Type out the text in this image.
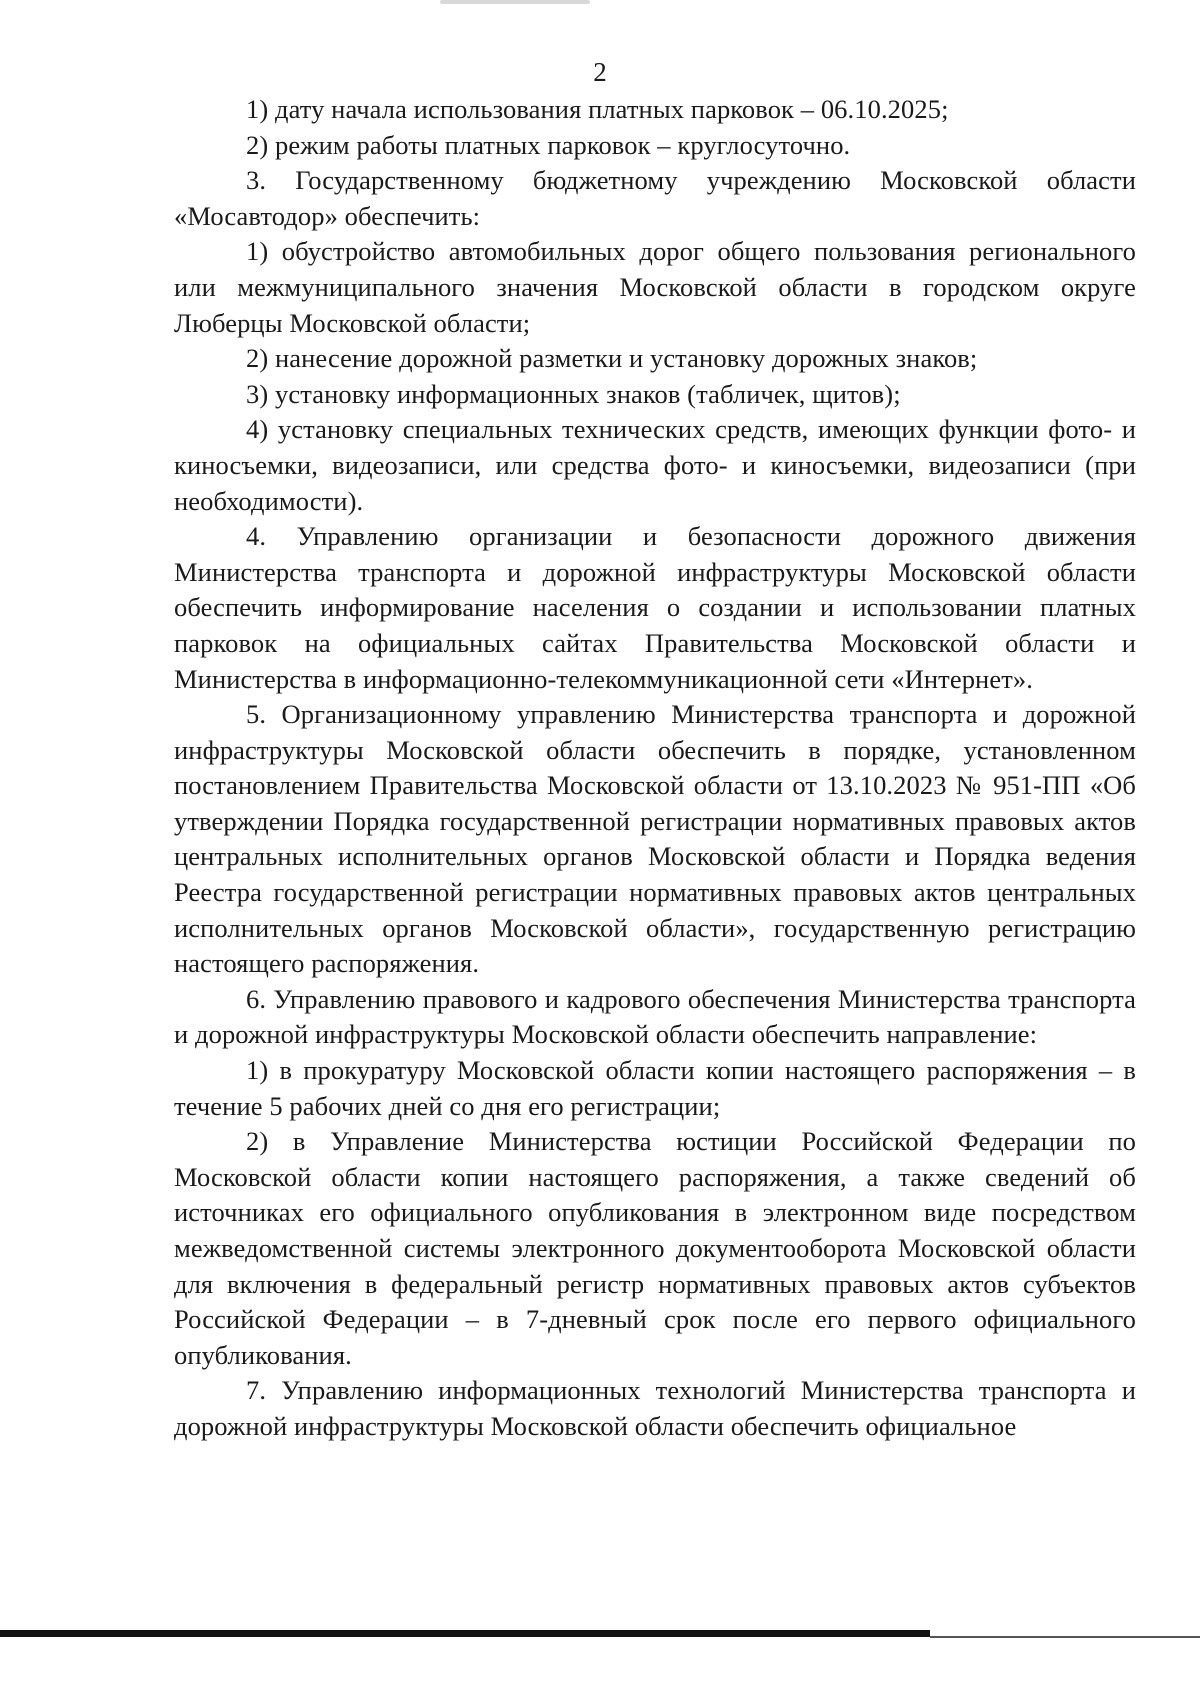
2

1) дату начала использования платных парковок – 06.10.2025;

2) режим работы платных парковок – круглосуточно.

3. Государственному бюджетному учреждению Московской области «Мосавтодор» обеспечить:

1) обустройство автомобильных дорог общего пользования регионального или межмуниципального значения Московской области в городском округе Люберцы Московской области;

2) нанесение дорожной разметки и установку дорожных знаков;

3) установку информационных знаков (табличек, щитов);

4) установку специальных технических средств, имеющих функции фото- и киносъемки, видеозаписи, или средства фото- и киносъемки, видеозаписи (при необходимости).

4. Управлению организации и безопасности дорожного движения Министерства транспорта и дорожной инфраструктуры Московской области обеспечить информирование населения о создании и использовании платных парковок на официальных сайтах Правительства Московской области и Министерства в информационно-телекоммуникационной сети «Интернет».

5. Организационному управлению Министерства транспорта и дорожной инфраструктуры Московской области обеспечить в порядке, установленном постановлением Правительства Московской области от 13.10.2023 № 951-ПП «Об утверждении Порядка государственной регистрации нормативных правовых актов центральных исполнительных органов Московской области и Порядка ведения Реестра государственной регистрации нормативных правовых актов центральных исполнительных органов Московской области», государственную регистрацию настоящего распоряжения.

6. Управлению правового и кадрового обеспечения Министерства транспорта и дорожной инфраструктуры Московской области обеспечить направление:

1) в прокуратуру Московской области копии настоящего распоряжения – в течение 5 рабочих дней со дня его регистрации;

2) в Управление Министерства юстиции Российской Федерации по Московской области копии настоящего распоряжения, а также сведений об источниках его официального опубликования в электронном виде посредством межведомственной системы электронного документооборота Московской области для включения в федеральный регистр нормативных правовых актов субъектов Российской Федерации – в 7-дневный срок после его первого официального опубликования.

7. Управлению информационных технологий Министерства транспорта и дорожной инфраструктуры Московской области обеспечить официальное
